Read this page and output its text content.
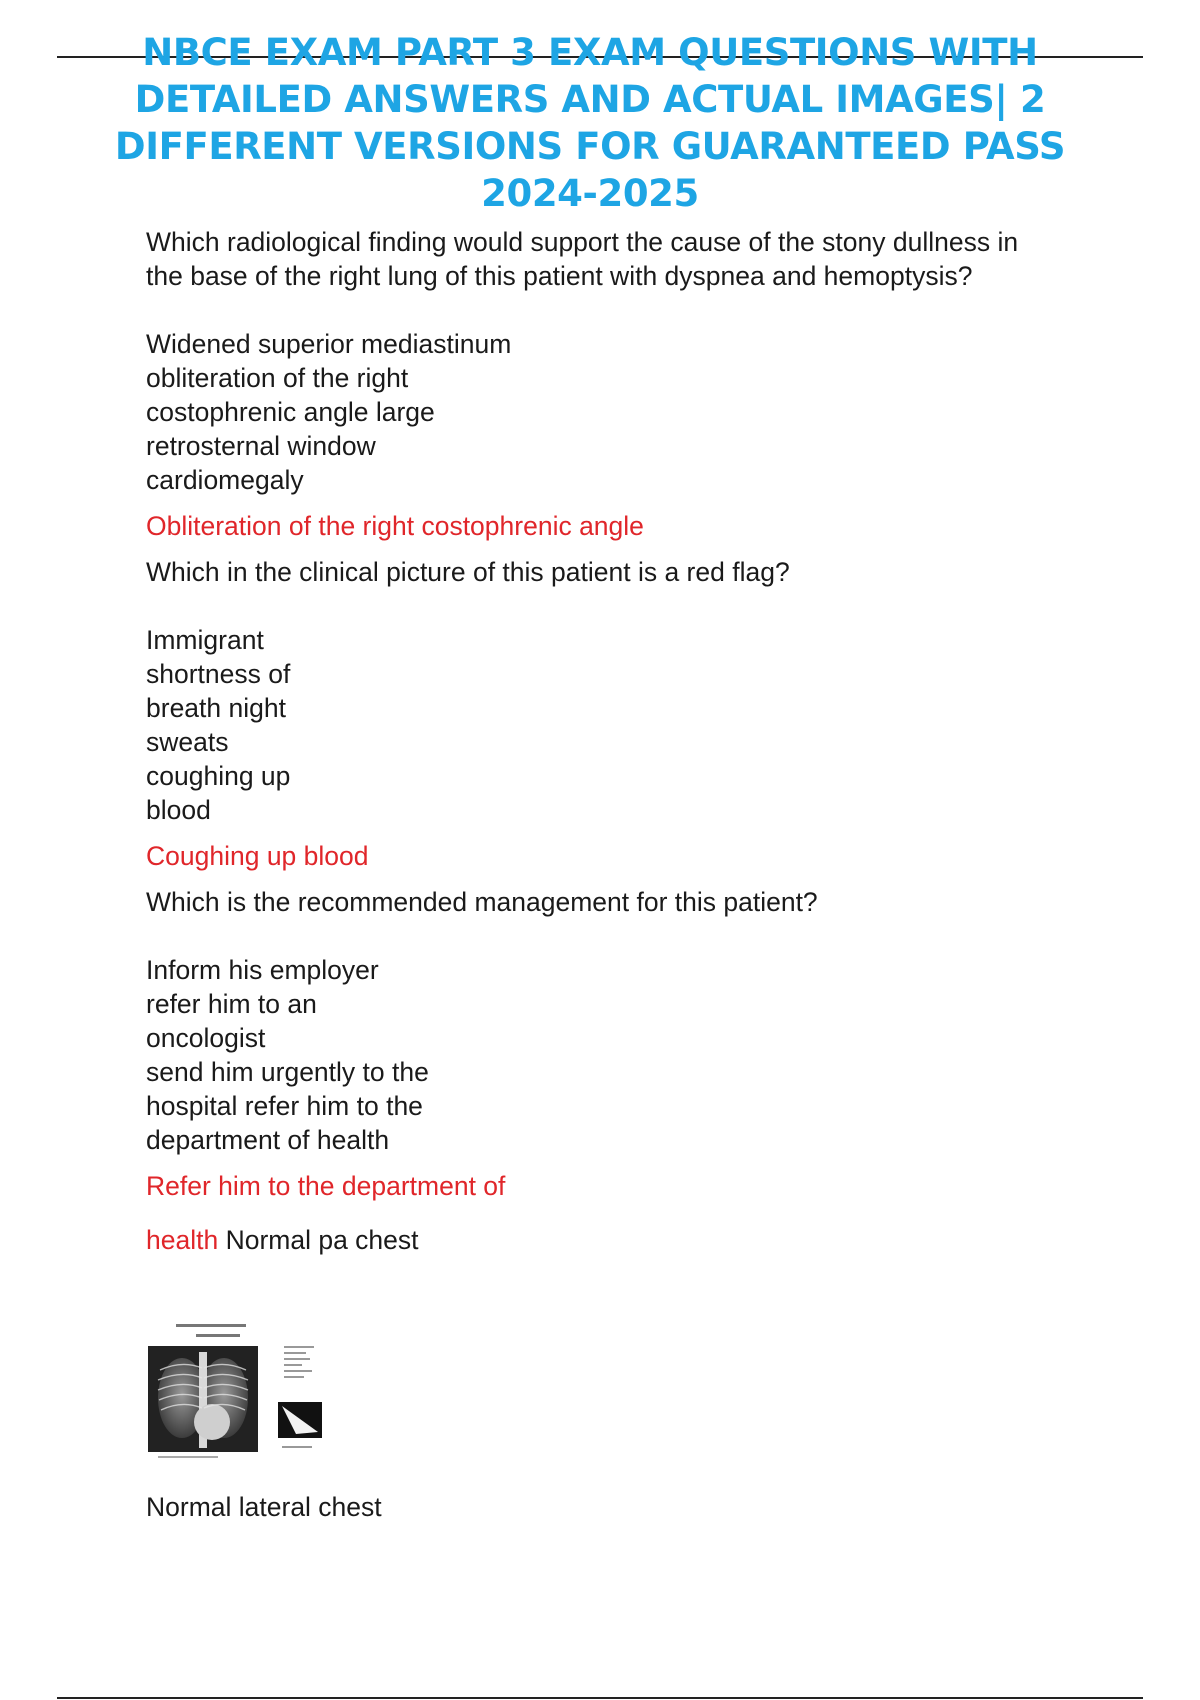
NBCE EXAM PART 3 EXAM QUESTIONS WITH
DETAILED ANSWERS AND ACTUAL IMAGES| 2
DIFFERENT VERSIONS FOR GUARANTEED PASS
2024-2025
Which radiological finding would support the cause of the stony dullness in
the base of the right lung of this patient with dyspnea and hemoptysis?
Widened superior mediastinum
obliteration of the right
costophrenic angle large
retrosternal window
cardiomegaly
Obliteration of the right costophrenic angle
Which in the clinical picture of this patient is a red flag?
Immigrant
shortness of
breath night
sweats
coughing up
blood
Coughing up blood
Which is the recommended management for this patient?
Inform his employer
refer him to an
oncologist
send him urgently to the
hospital refer him to the
department of health
Refer him to the department of
health Normal pa chest
Normal lateral chest
